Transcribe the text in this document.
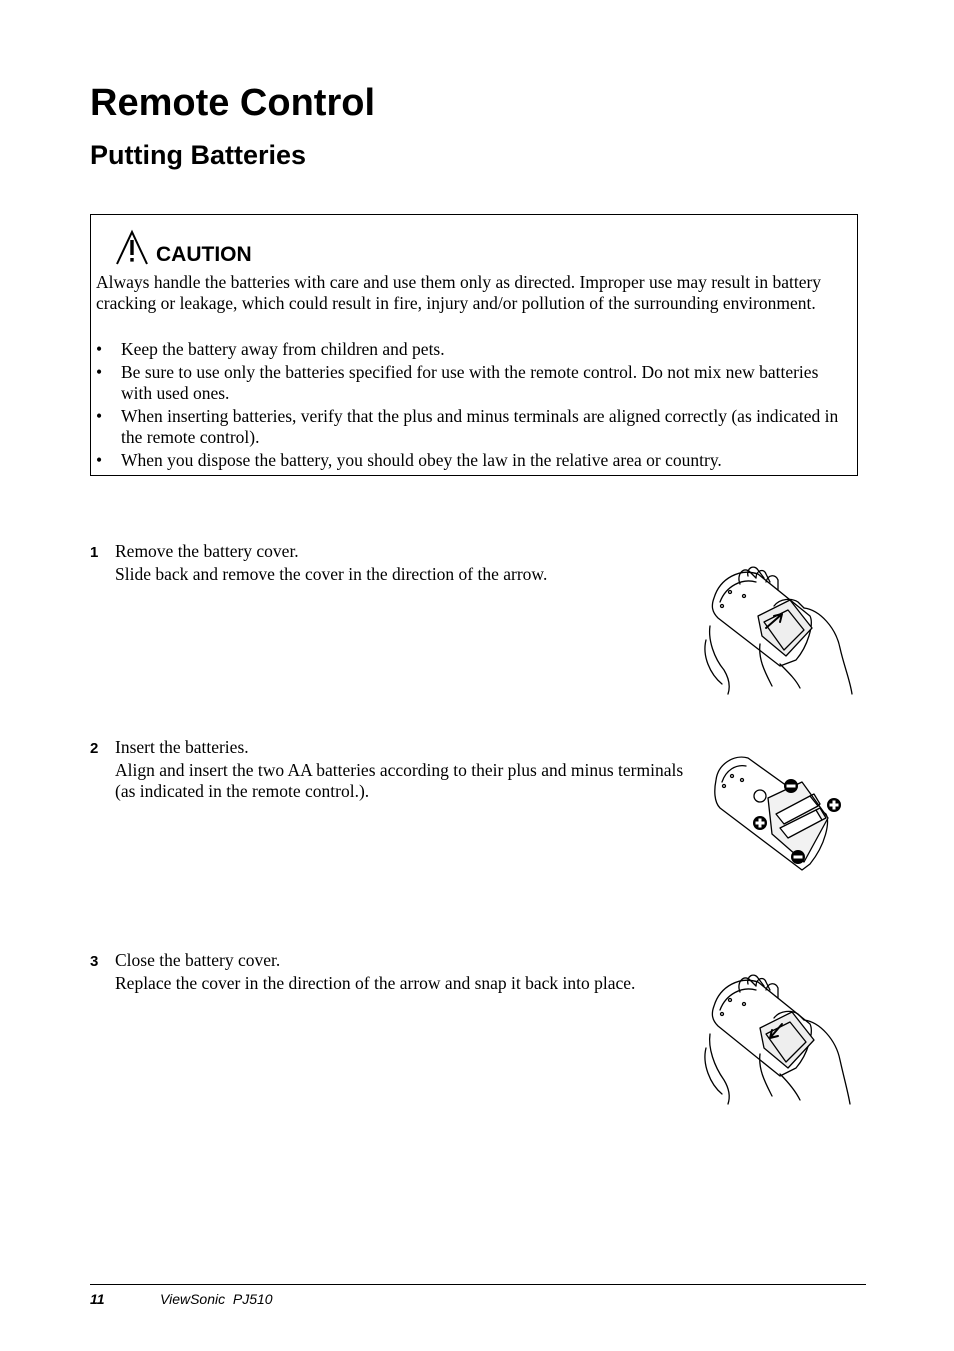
Remote Control
Putting Batteries
CAUTION

Always handle the batteries with care and use them only as directed. Improper use may result in battery cracking or leakage, which could result in fire, injury and/or pollution of the surrounding environment.

• Keep the battery away from children and pets.
• Be sure to use only the batteries specified for use with the remote control. Do not mix new batteries with used ones.
• When inserting batteries, verify that the plus and minus terminals are aligned correctly (as indicated in the remote control).
• When you dispose the battery, you should obey the law in the relative area or country.
1 Remove the battery cover.

Slide back and remove the cover in the direction of the arrow.

2 Insert the batteries.

Align and insert the two AA batteries according to their plus and minus terminals (as indicated in the remote control.).

3 Close the battery cover.

Replace the cover in the direction of the arrow and snap it back into place.

11	ViewSonic  PJ510
